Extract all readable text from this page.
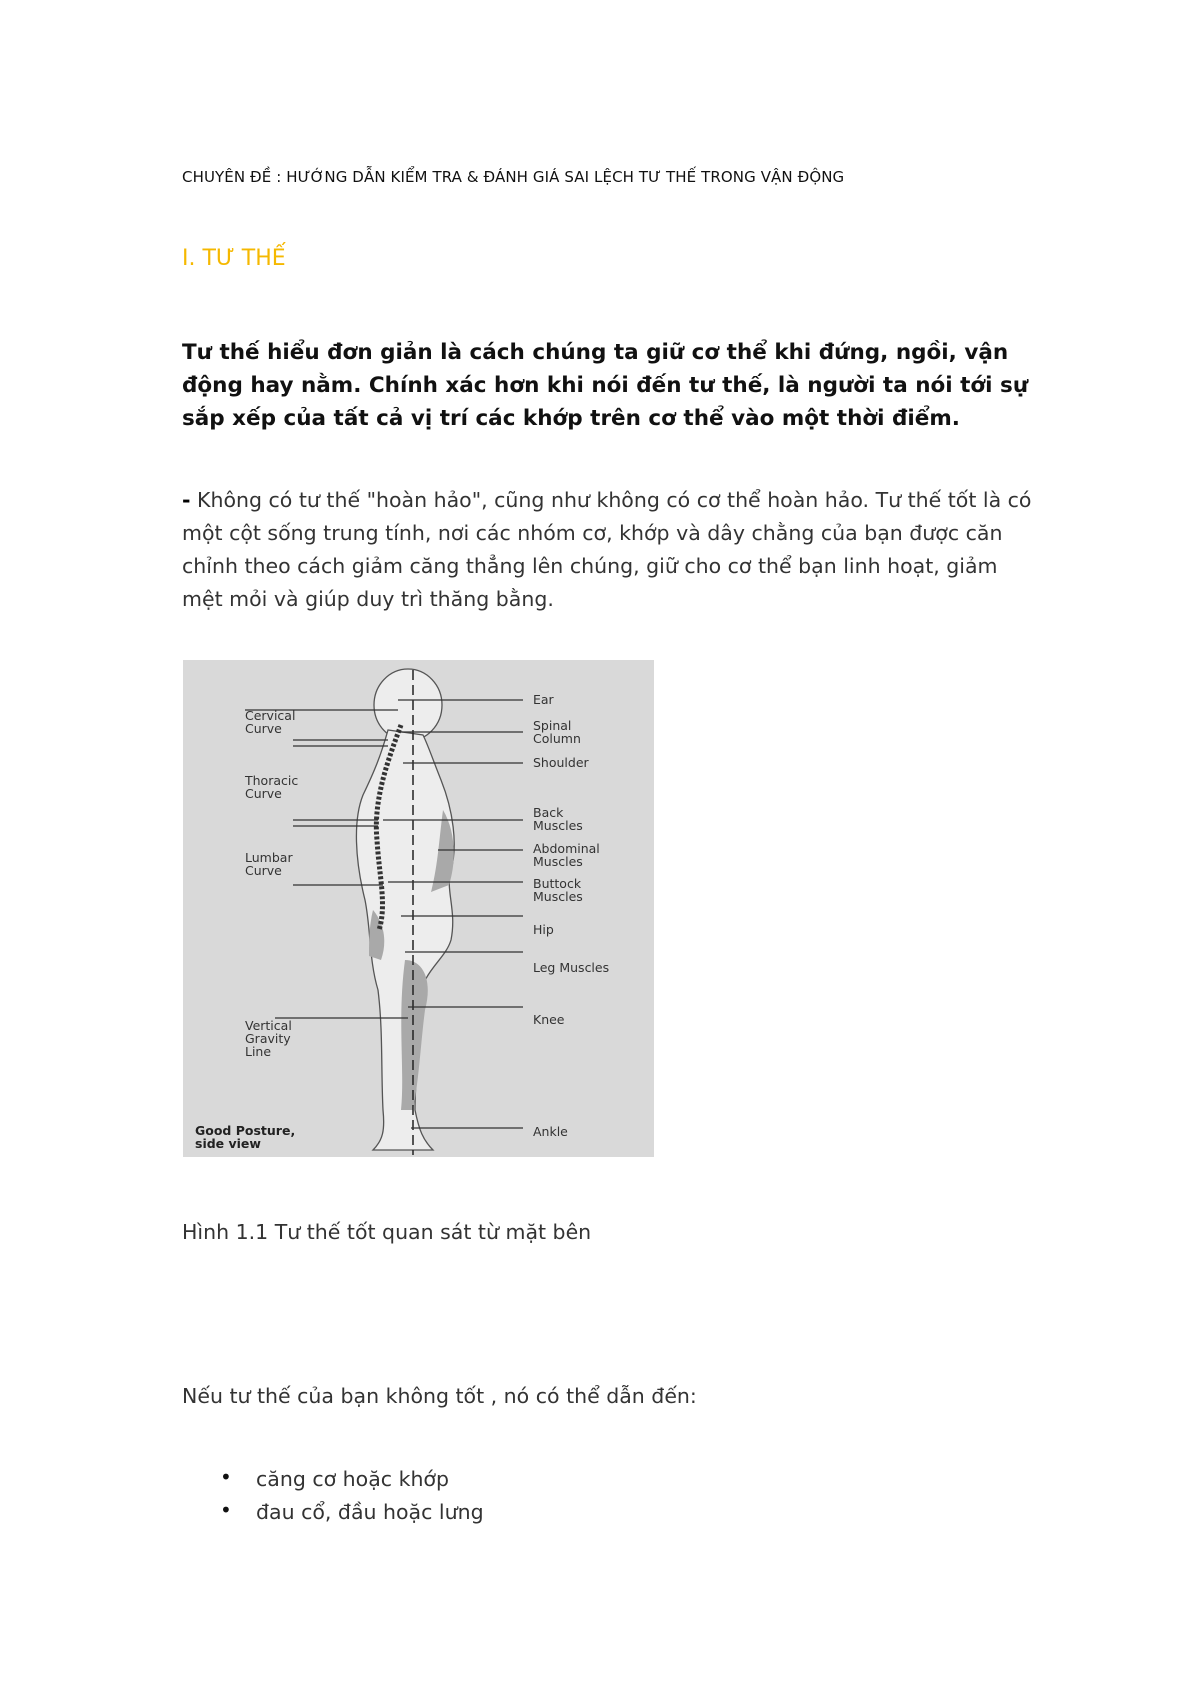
CHUYÊN ĐỀ : HƯỚNG DẪN KIỂM TRA & ĐÁNH GIÁ SAI LỆCH TƯ THẾ TRONG VẬN ĐỘNG
I. TƯ THẾ
Tư thế hiểu đơn giản là cách chúng ta giữ cơ thể khi đứng, ngồi, vận động hay nằm. Chính xác hơn khi nói đến tư thế, là người ta nói tới sự sắp xếp của tất cả vị trí các khớp trên cơ thể vào một thời điểm.
- Không có tư thế "hoàn hảo", cũng như không có cơ thể hoàn hảo. Tư thế tốt là có một cột sống trung tính, nơi các nhóm cơ, khớp và dây chằng của bạn được căn chỉnh theo cách giảm căng thẳng lên chúng, giữ cho cơ thể bạn linh hoạt, giảm mệt mỏi và giúp duy trì thăng bằng.
Cervical
Curve
Thoracic
Curve
Lumbar
Curve
Vertical
Gravity
Line
Ear
Spinal
Column
Shoulder
Back
Muscles
Abdominal
Muscles
Buttock
Muscles
Hip
Leg Muscles
Knee
Ankle
Good Posture,
side view
Hình 1.1 Tư thế tốt quan sát từ mặt bên
Nếu tư thế của bạn không tốt , nó có thể dẫn đến:
• căng cơ hoặc khớp
• đau cổ, đầu hoặc lưng
